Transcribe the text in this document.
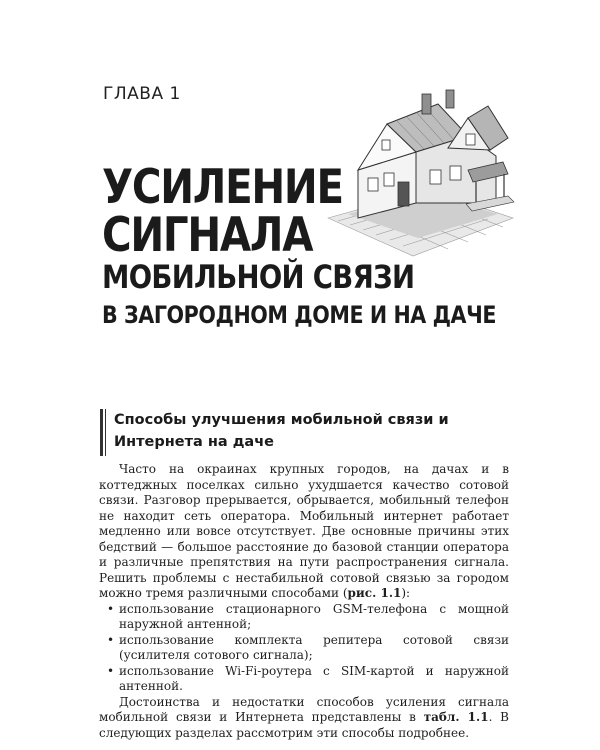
ГЛАВА 1
УСИЛЕНИЕ
СИГНАЛА
МОБИЛЬНОЙ СВЯЗИ
В ЗАГОРОДНОМ ДОМЕ И НА ДАЧЕ
Способы улучшения мобильной связи и Интернета на даче

Часто на окраинах крупных городов, на дачах и в коттеджных поселках сильно ухудшается качество сотовой связи. Разговор прерывается, обрывается, мобильный телефон не находит сеть оператора. Мобильный интернет работает медленно или вовсе отсутствует. Две основные причины этих бедствий — большое расстояние до базовой станции оператора и различные препятствия на пути распространения сигнала. Решить проблемы с нестабильной сотовой связью за городом можно тремя различными способами (рис. 1.1):

• использование стационарного GSM-телефона с мощной наружной антенной;
• использование комплекта репитера сотовой связи (усилителя сотового сигнала);
• использование Wi-Fi-роутера с SIM-картой и наружной антенной.

Достоинства и недостатки способов усиления сигнала мобильной связи и Интернета представлены в табл. 1.1. В следующих разделах рассмотрим эти способы подробнее.
